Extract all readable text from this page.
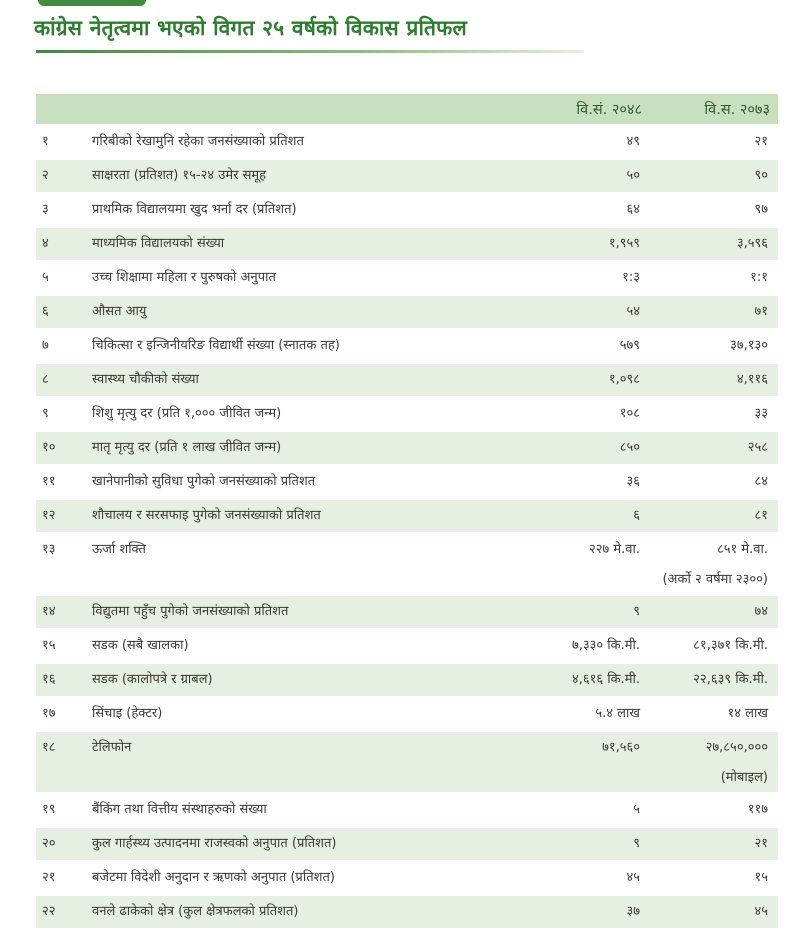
कांग्रेस नेतृत्वमा भएको विगत २५ वर्षको विकास प्रतिफल
		वि.सं. २०४८	वि.स. २०७३
१	गरिबीको रेखामुनि रहेका जनसंख्याको प्रतिशत	४९	२१
२	साक्षरता (प्रतिशत) १५-२४ उमेर समूह	५०	९०
३	प्राथमिक विद्यालयमा खुद भर्ना दर (प्रतिशत)	६४	९७
४	माध्यमिक विद्यालयको संख्या	१,९५९	३,५९६
५	उच्च शिक्षामा महिला र पुरुषको अनुपात	१:३	१:१
६	औसत आयु	५४	७१
७	चिकित्सा र इन्जिनीयरिङ विद्यार्थी संख्या (स्नातक तह)	५७९	३७,१३०
८	स्वास्थ्य चौकीको संख्या	१,०९८	४,११६
९	शिशु मृत्यु दर (प्रति १,००० जीवित जन्म)	१०८	३३
१०	मातृ मृत्यु दर (प्रति १ लाख जीवित जन्म)	८५०	२५८
११	खानेपानीको सुविधा पुगेको जनसंख्याको प्रतिशत	३६	८४
१२	शौचालय र सरसफाइ पुगेको जनसंख्याको प्रतिशत	६	८१
१३	ऊर्जा शक्ति	२२७ मे.वा.	८५१ मे.वा.
(अर्को २ वर्षमा २३००)

१४	विद्युतमा पहुँच पुगेको जनसंख्याको प्रतिशत	९	७४
१५	सडक (सबै खालका)	७,३३० कि.मी.	८१,३७१ कि.मी.
१६	सडक (कालोपत्रे र ग्राबल)	४,६१६ कि.मी.	२२,६३९ कि.मी.
१७	सिंचाइ (हेक्टर)	५.४ लाख	१४ लाख
१८	टेलिफोन	७१,५६०	२७,८५०,०००
(मोबाइल)

१९	बैंकिंग तथा वित्तीय संस्थाहरुको संख्या	५	११७
२०	कुल गार्हस्थ्य उत्पादनमा राजस्वको अनुपात (प्रतिशत)	९	२१
२१	बजेटमा विदेशी अनुदान र ऋणको अनुपात (प्रतिशत)	४५	१५
२२	वनले ढाकेको क्षेत्र (कुल क्षेत्रफलको प्रतिशत)	३७	४५
